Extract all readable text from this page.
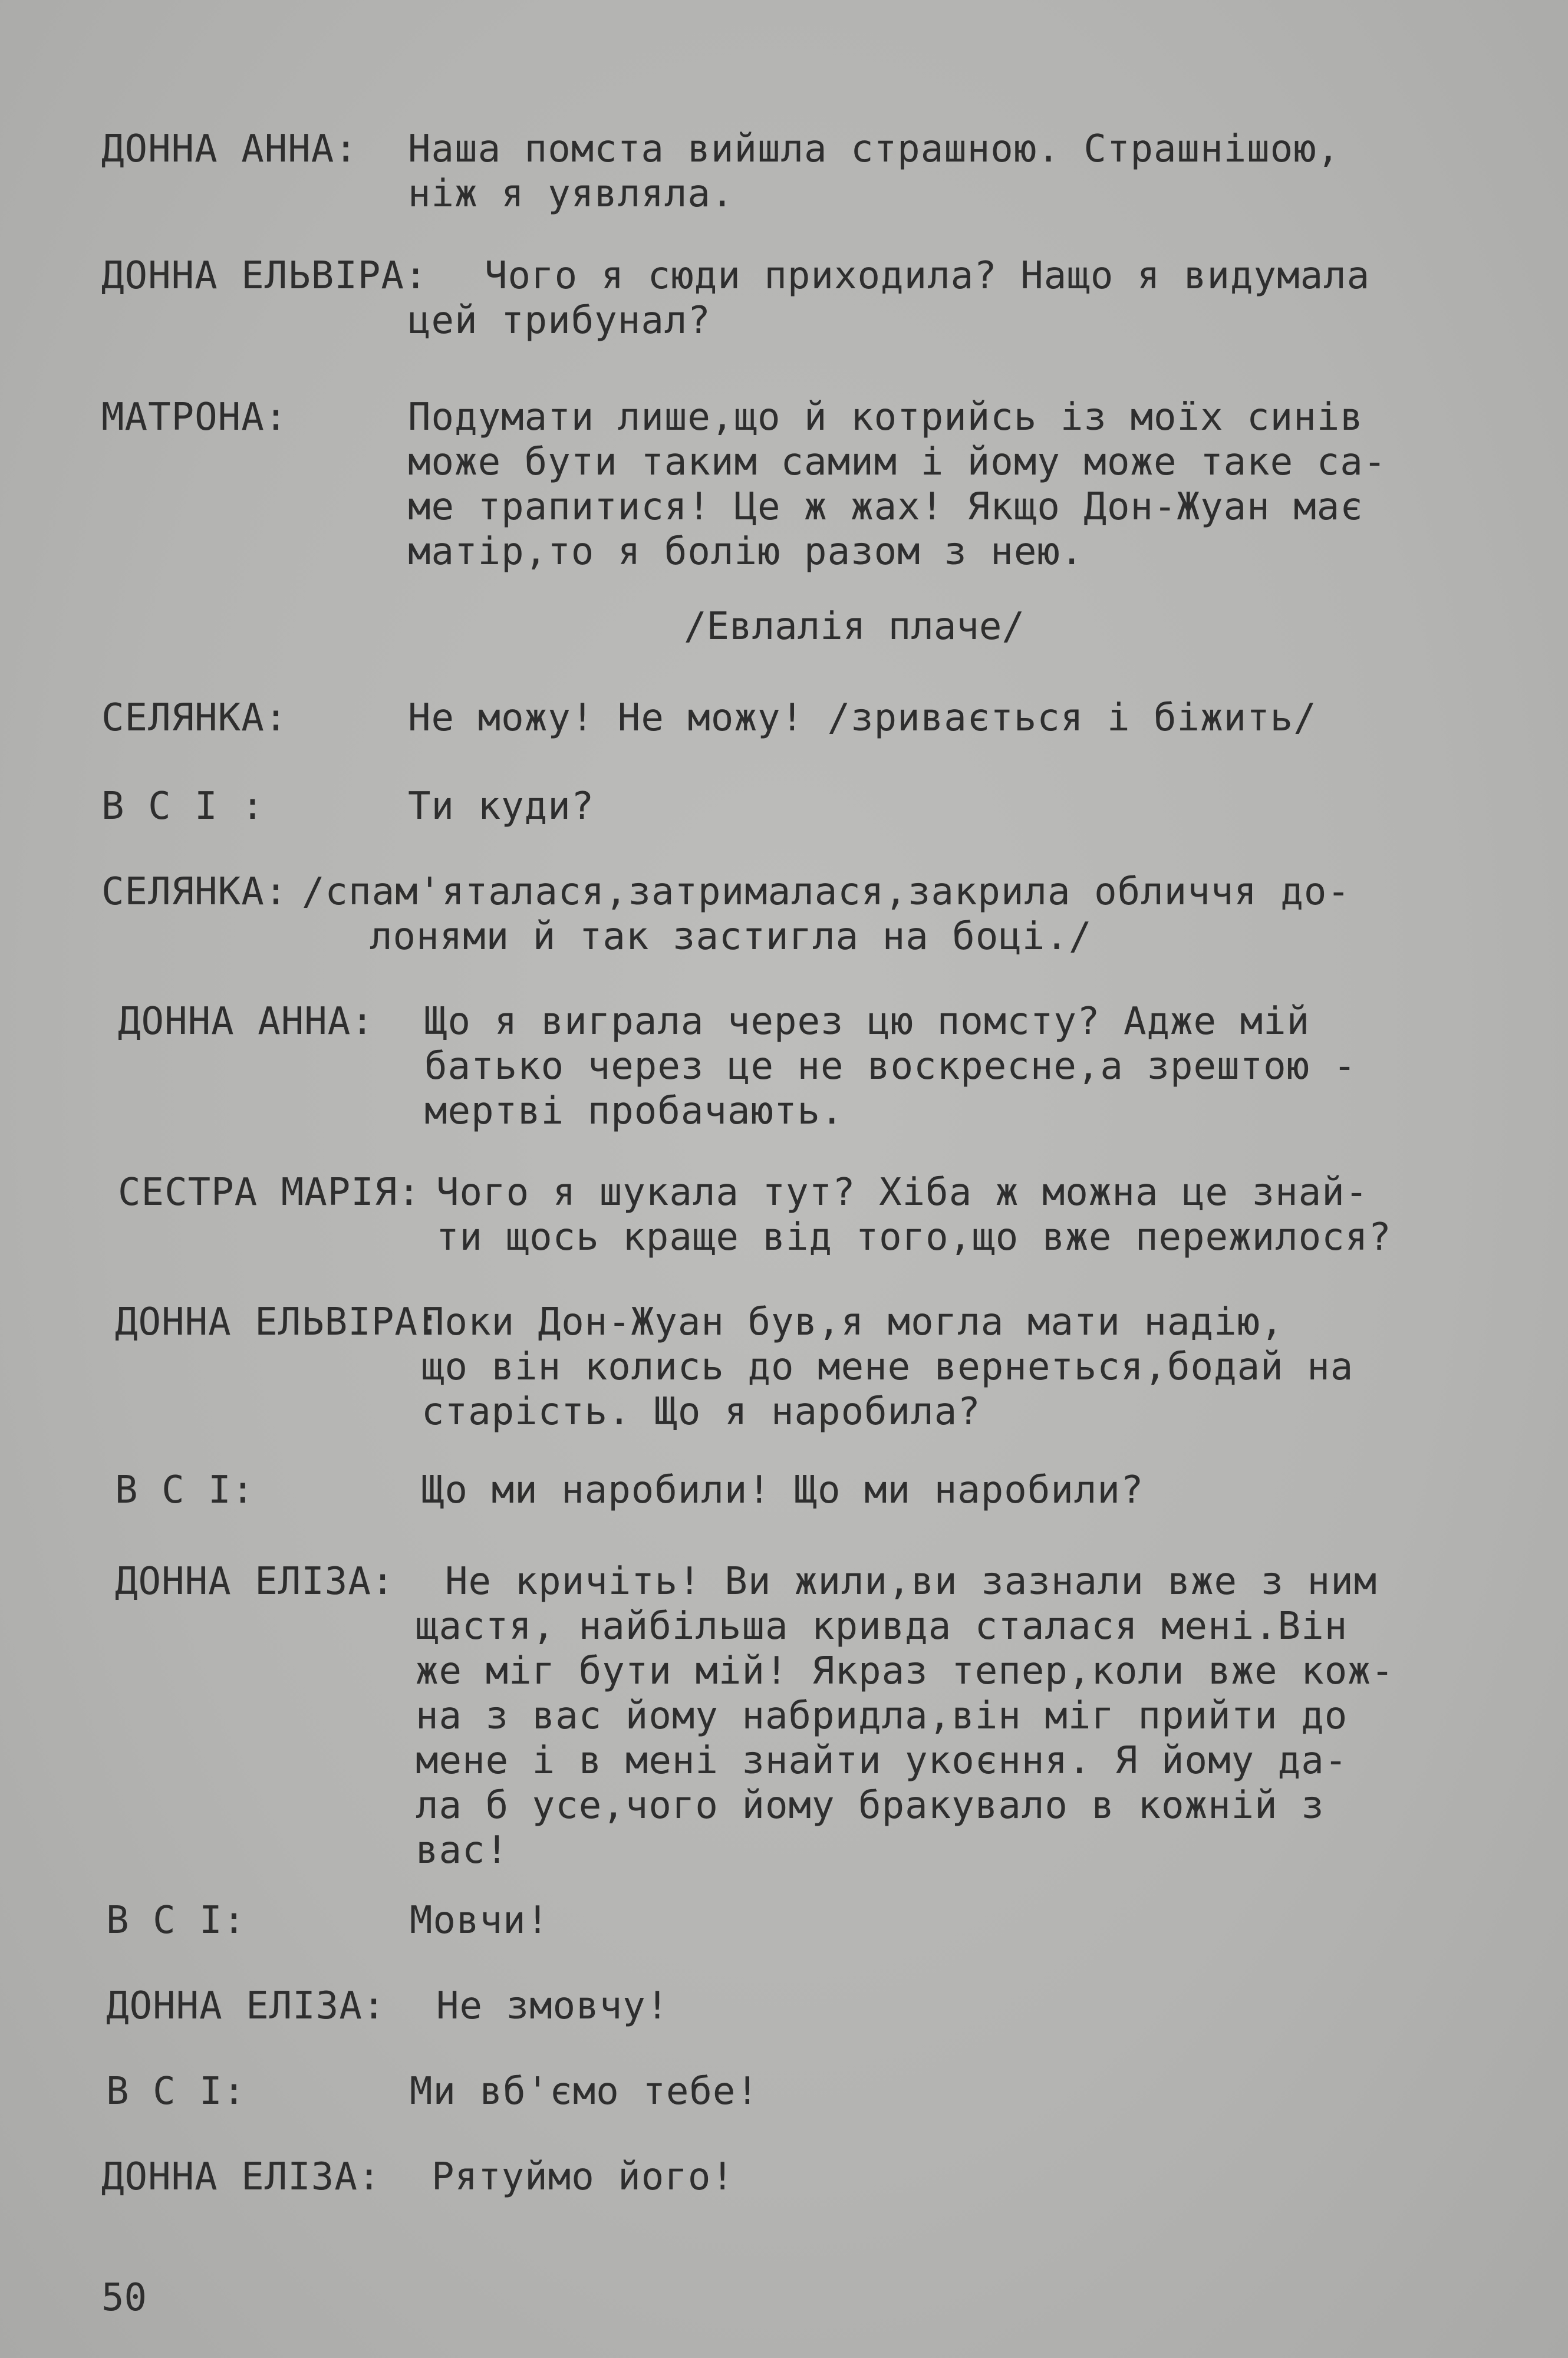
ДОННА АННА: Наша помста вийшла страшною. Страшнішою,
ніж я уявляла.
ДОННА ЕЛЬВІРА: Чого я сюди приходила? Нащо я видумала
цей трибунал?
МАТРОНА:	Подумати лише,що й котрийсь із моїх синів
може бути таким самим і йому може таке са-
ме трапитися! Це ж жах! Якщо Дон-Жуан має
матір,то я болію разом з нею.
/Евлалія плаче/
СЕЛЯНКА:	Не можу! Не можу! /зривається і біжить/
В С І :	Ти куди?
СЕЛЯНКА: /спам'яталася,затрималася,закрила обличчя до-
лонями й так застигла на боці./
ДОННА АННА: Що я виграла через цю помсту? Адже мій
батько через це не воскресне,а зрештою -
мертві пробачають.
СЕСТРА МАРІЯ: Чого я шукала тут? Хіба ж можна це знай-
ти щось краще від того,що вже пережилося?
ДОННА ЕЛЬВІРА:
Поки Дон-Жуан був,я могла мати надію,
що він колись до мене вернеться,бодай на
старість. Що я наробила?
В С І:	Що ми наробили! Що ми наробили?
ДОННА ЕЛІЗА: Не кричіть! Ви жили,ви зазнали вже з ним
щастя, найбільша кривда сталася мені.Він
же міг бути мій! Якраз тепер,коли вже кож-
на з вас йому набридла,він міг прийти до
мене і в мені знайти укоєння. Я йому да-
ла б усе,чого йому бракувало в кожній з
вас!
В С І:	Мовчи!
ДОННА ЕЛІЗА: Не змовчу!
В С І:	Ми вб'ємо тебе!
ДОННА ЕЛІЗА: Рятуймо його!
50
